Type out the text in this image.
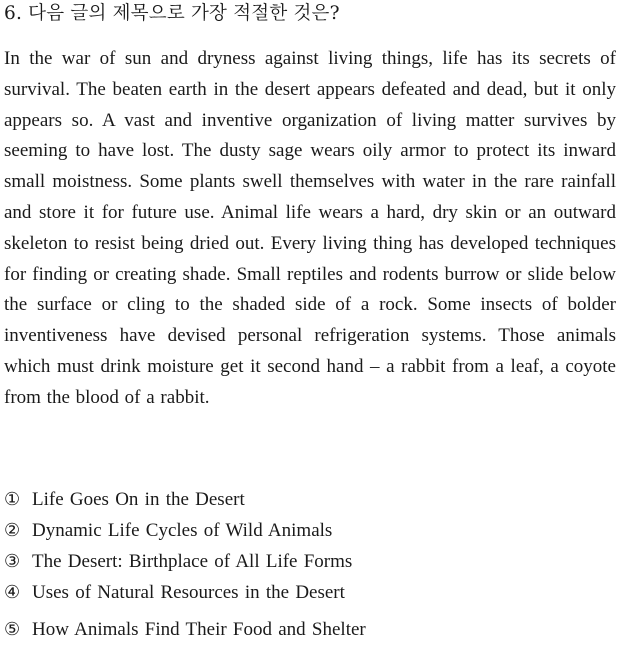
6. 다음 글의 제목으로 가장 적절한 것은?
In the war of sun and dryness against living things, life has its secrets of survival. The beaten earth in the desert appears defeated and dead, but it only appears so. A vast and inventive organization of living matter survives by seeming to have lost. The dusty sage wears oily armor to protect its inward small moistness. Some plants swell themselves with water in the rare rainfall and store it for future use. Animal life wears a hard, dry skin or an outward skeleton to resist being dried out. Every living thing has developed techniques for finding or creating shade. Small reptiles and rodents burrow or slide below the surface or cling to the shaded side of a rock. Some insects of bolder inventiveness have devised personal refrigeration systems. Those animals which must drink moisture get it second hand – a rabbit from a leaf, a coyote from the blood of a rabbit.
① Life Goes On in the Desert
② Dynamic Life Cycles of Wild Animals
③ The Desert: Birthplace of All Life Forms
④ Uses of Natural Resources in the Desert
⑤ How Animals Find Their Food and Shelter
